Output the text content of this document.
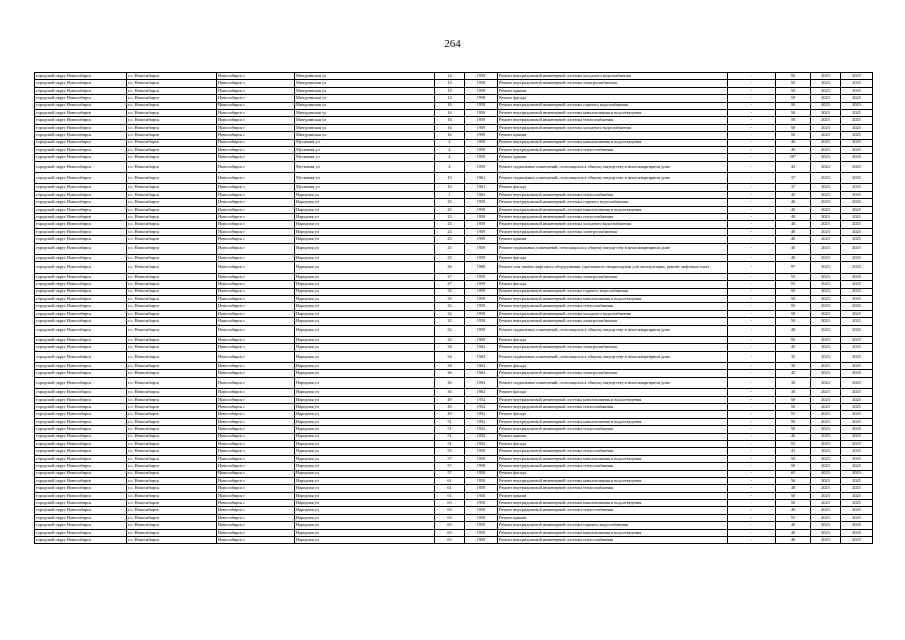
264
городской округ Новосибирск	г.о. Новосибирск	Новосибирск г	Мичуринская ул	14	1958	Ремонт внутридомовой инженерной системы холодного водоснабжения	-	50	2023	2025
городской округ Новосибирск	г.о. Новосибирск	Новосибирск г	Мичуринская ул	14	1958	Ремонт внутридомовой инженерной системы электроснабжения	-	50	2023	2025
городской округ Новосибирск	г.о. Новосибирск	Новосибирск г	Мичуринская ул	14	1958	Ремонт крыши	-	50	2023	2025
городской округ Новосибирск	г.о. Новосибирск	Новосибирск г	Мичуринская ул	14	1958	Ремонт фасада	-	50	2023	2025
городской округ Новосибирск	г.о. Новосибирск	Новосибирск г	Мичуринская ул	16	1959	Ремонт внутридомовой инженерной системы горячего водоснабжения	-	50	2023	2025
городской округ Новосибирск	г.о. Новосибирск	Новосибирск г	Мичуринская ул	16	1959	Ремонт внутридомовой инженерной системы канализования и водоотведения	-	50	2023	2025
городской округ Новосибирск	г.о. Новосибирск	Новосибирск г	Мичуринская ул	16	1959	Ремонт внутридомовой инженерной системы теплоснабжения	-	50	2023	2025
городской округ Новосибирск	г.о. Новосибирск	Новосибирск г	Мичуринская ул	16	1959	Ремонт внутридомовой инженерной системы холодного водоснабжения	-	50	2023	2025
городской округ Новосибирск	г.о. Новосибирск	Новосибирск г	Мичуринская ул	16	1959	Ремонт крыши	-	50	2023	2025
городской округ Новосибирск	г.о. Новосибирск	Новосибирск г	Мусичная ул	4	1959	Ремонт внутридомовой инженерной системы канализования и водоотведения	-	40	2023	2025
городской округ Новосибирск	г.о. Новосибирск	Новосибирск г	Мусичная ул	4	1959	Ремонт внутридомовой инженерной системы теплоснабжения	-	40	2023	2025
городской округ Новосибирск	г.о. Новосибирск	Новосибирск г	Мусичная ул	4	1959	Ремонт крыши	-	50*	2023	2025
городской округ Новосибирск	г.о. Новосибирск	Новосибирск г	Мусичная ул	4	1959	Ремонт подвальных помещений, относящихся к общему имуществу в многоквартирном доме	-	43	2023	2025
городской округ Новосибирск	г.о. Новосибирск	Новосибирск г	Мусичная ул	10	1961	Ремонт подвальных помещений, относящихся к общему имуществу в многоквартирном доме	-	37	2023	2025
городской округ Новосибирск	г.о. Новосибирск	Новосибирск г	Мусичная ул	10	1961	Ремонт фасада	-	37	2023	2025
городской округ Новосибирск	г.о. Новосибирск	Новосибирск г	Народная ул	1	1962	Ремонт внутридомовой инженерной системы теплоснабжения	-	45	2023	2025
городской округ Новосибирск	г.о. Новосибирск	Новосибирск г	Народная ул	25	1959	Ремонт внутридомовой инженерной системы горячего водоснабжения	-	40	2023	2025
городской округ Новосибирск	г.о. Новосибирск	Новосибирск г	Народная ул	25	1959	Ремонт внутридомовой инженерной системы канализования и водоотведения	-	40	2023	2025
городской округ Новосибирск	г.о. Новосибирск	Новосибирск г	Народная ул	25	1959	Ремонт внутридомовой инженерной системы теплоснабжения	-	40	2023	2025
городской округ Новосибирск	г.о. Новосибирск	Новосибирск г	Народная ул	25	1959	Ремонт внутридомовой инженерной системы холодного водоснабжения	-	40	2023	2025
городской округ Новосибирск	г.о. Новосибирск	Новосибирск г	Народная ул	25	1959	Ремонт внутридомовой инженерной системы электроснабжения	-	40	2023	2025
городской округ Новосибирск	г.о. Новосибирск	Новосибирск г	Народная ул	25	1959	Ремонт крыши	-	40	2023	2025
городской округ Новосибирск	г.о. Новосибирск	Новосибирск г	Народная ул	25	1959	Ремонт подвальных помещений, относящихся к общему имуществу в многоквартирном доме	-	40	2023	2025
городской округ Новосибирск	г.о. Новосибирск	Новосибирск г	Народная ул	25	1959	Ремонт фасада	-	40	2023	2025
городской округ Новосибирск	г.о. Новосибирск	Новосибирск г	Народная ул	26	1988	Ремонт или замена лифтового оборудования, признанного непригодным для эксплуатации, ремонт лифтовых шахт	-	9*	2023	2025
городской округ Новосибирск	г.о. Новосибирск	Новосибирск г	Народная ул	27	1959	Ремонт внутридомовой инженерной системы электроснабжения	-	55	2023	2025
городской округ Новосибирск	г.о. Новосибирск	Новосибирск г	Народная ул	27	1959	Ремонт фасада	-	55	2023	2025
городской округ Новосибирск	г.о. Новосибирск	Новосибирск г	Народная ул	32	1959	Ремонт внутридомовой инженерной системы горячего водоснабжения	-	50	2023	2025
городской округ Новосибирск	г.о. Новосибирск	Новосибирск г	Народная ул	32	1959	Ремонт внутридомовой инженерной системы канализования и водоотведения	-	50	2023	2025
городской округ Новосибирск	г.о. Новосибирск	Новосибирск г	Народная ул	32	1959	Ремонт внутридомовой инженерной системы теплоснабжения	-	50	2023	2025
городской округ Новосибирск	г.о. Новосибирск	Новосибирск г	Народная ул	32	1959	Ремонт внутридомовой инженерной системы холодного водоснабжения	-	50	2023	2025
городской округ Новосибирск	г.о. Новосибирск	Новосибирск г	Народная ул	32	1959	Ремонт внутридомовой инженерной системы электроснабжения	-	50	2023	2025
городской округ Новосибирск	г.о. Новосибирск	Новосибирск г	Народная ул	32	1959	Ремонт подвальных помещений, относящихся к общему имуществу в многоквартирном доме	-	48	2023	2025
городской округ Новосибирск	г.о. Новосибирск	Новосибирск г	Народная ул	32	1959	Ремонт фасада	-	50	2023	2025
городской округ Новосибирск	г.о. Новосибирск	Новосибирск г	Народная ул	34	1962	Ремонт внутридомовой инженерной системы электроснабжения	-	45	2023	2025
городской округ Новосибирск	г.о. Новосибирск	Новосибирск г	Народная ул	34	1962	Ремонт подвальных помещений, относящихся к общему имуществу в многоквартирном доме	-	35	2023	2025
городской округ Новосибирск	г.о. Новосибирск	Новосибирск г	Народная ул	34	1962	Ремонт фасада	-	30	2023	2025
городской округ Новосибирск	г.о. Новосибирск	Новосибирск г	Народная ул	36	1962	Ремонт внутридомовой инженерной системы электроснабжения	-	45	2023	2025
городской округ Новосибирск	г.о. Новосибирск	Новосибирск г	Народная ул	36	1962	Ремонт подвальных помещений, относящихся к общему имуществу в многоквартирном доме	-	30	2023	2025
городской округ Новосибирск	г.о. Новосибирск	Новосибирск г	Народная ул	36	1962	Ремонт фасада	-	30	2023	2025
городской округ Новосибирск	г.о. Новосибирск	Новосибирск г	Народная ул	49	1952	Ремонт внутридомовой инженерной системы канализования и водоотведения	-	50	2023	2025
городской округ Новосибирск	г.о. Новосибирск	Новосибирск г	Народная ул	49	1952	Ремонт внутридомовой инженерной системы теплоснабжения	-	50	2023	2025
городской округ Новосибирск	г.о. Новосибирск	Новосибирск г	Народная ул	49	1952	Ремонт фасада	-	55	2023	2025
городской округ Новосибирск	г.о. Новосибирск	Новосибирск г	Народная ул	51	1952	Ремонт внутридомовой инженерной системы канализования и водоотведения	-	50	2023	2025
городской округ Новосибирск	г.о. Новосибирск	Новосибирск г	Народная ул	51	1952	Ремонт внутридомовой инженерной системы теплоснабжения	-	50	2023	2025
городской округ Новосибирск	г.о. Новосибирск	Новосибирск г	Народная ул	51	1952	Ремонт крыши	-	40	2023	2025
городской округ Новосибирск	г.о. Новосибирск	Новосибирск г	Народная ул	51	1952	Ремонт фасада	-	55	2023	2025
городской округ Новосибирск	г.о. Новосибирск	Новосибирск г	Народная ул	55	1950	Ремонт внутридомовой инженерной системы теплоснабжения	-	41	2023	2025
городской округ Новосибирск	г.о. Новосибирск	Новосибирск г	Народная ул	57	1950	Ремонт внутридомовой инженерной системы канализования и водоотведения	-	50	2023	2025
городской округ Новосибирск	г.о. Новосибирск	Новосибирск г	Народная ул	57	1950	Ремонт внутридомовой инженерной системы теплоснабжения	-	50	2023	2025
городской округ Новосибирск	г.о. Новосибирск	Новосибирск г	Народная ул	57	1950	Ремонт фасада	-	65	2023	2025
городской округ Новосибирск	г.о. Новосибирск	Новосибирск г	Народная ул	61	1950	Ремонт внутридомовой инженерной системы канализования и водоотведения	-	56	2023	2025
городской округ Новосибирск	г.о. Новосибирск	Новосибирск г	Народная ул	61	1950	Ремонт внутридомовой инженерной системы теплоснабжения	-	40	2023	2025
городской округ Новосибирск	г.о. Новосибирск	Новосибирск г	Народная ул	61	1950	Ремонт крыши	-	50	2023	2025
городской округ Новосибирск	г.о. Новосибирск	Новосибирск г	Народная ул	63	1950	Ремонт внутридомовой инженерной системы канализования и водоотведения	-	50	2023	2025
городской округ Новосибирск	г.о. Новосибирск	Новосибирск г	Народная ул	63	1950	Ремонт внутридомовой инженерной системы теплоснабжения	-	40	2023	2025
городской округ Новосибирск	г.о. Новосибирск	Новосибирск г	Народная ул	63	1950	Ремонт крыши	-	55	2023	2025
городской округ Новосибирск	г.о. Новосибирск	Новосибирск г	Народная ул	65	1959	Ремонт внутридомовой инженерной системы горячего водоснабжения	-	40	2023	2025
городской округ Новосибирск	г.о. Новосибирск	Новосибирск г	Народная ул	65	1959	Ремонт внутридомовой инженерной системы канализования и водоотведения	-	40	2023	2025
городской округ Новосибирск	г.о. Новосибирск	Новосибирск г	Народная ул	65	1959	Ремонт внутридомовой инженерной системы теплоснабжения	-	40	2023	2025
